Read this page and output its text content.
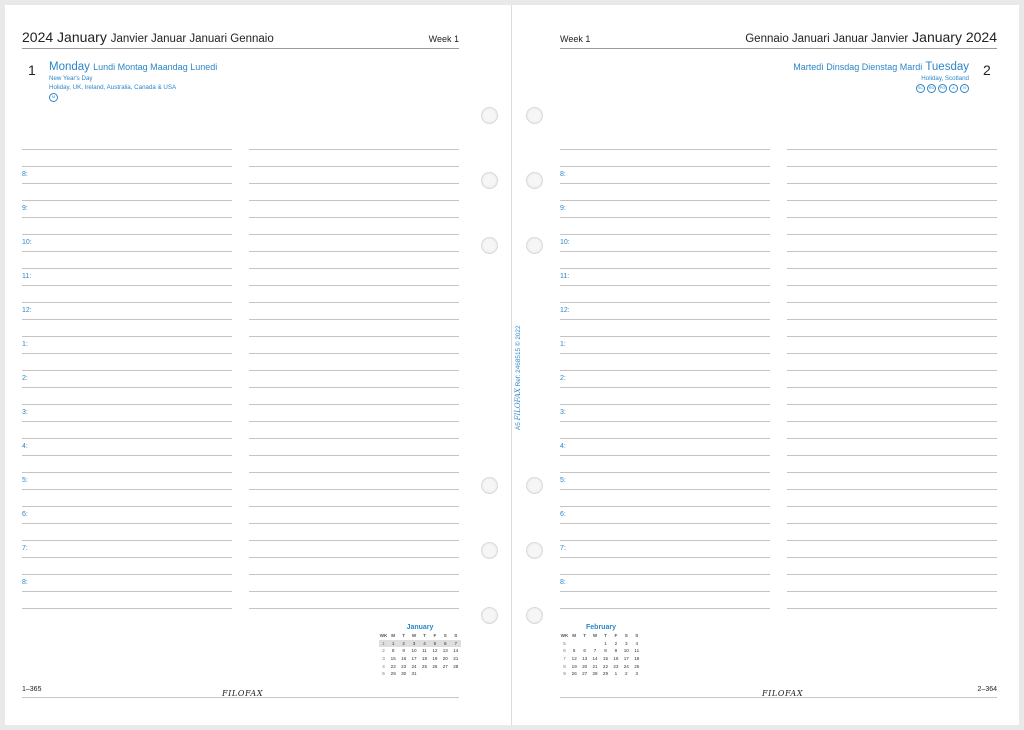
2024 January Janvier Januar Januari Gennaio	Week 1
1 Monday Lundi Montag Maandag Lunedi
New Year's Day
Holiday, UK, Ireland, Australia, Canada & USA
M
8:
9:
10:
11:
12:
1:
2:
3:
4:
5:
6:
7:
8:
January
WK	M	T	W	T	F	S	S
1	1	2	3	4	5	6	7
2	8	9	10	11	12	13	14
3	15	16	17	18	19	20	21
4	22	23	24	25	26	27	28
5	29	30	31				
1–365	FILOFAX
Week 1	Gennaio Januari Januar Janvier January 2024
2
Martedì Dinsdag Dienstag Mardi Tuesday
Holiday, Scotland
SC	RD	PO	A	N
8:
9:
10:
11:
12:
1:
2:
3:
4:
5:
6:
7:
8:
February
WK	M	T	W	T	F	S	S
5				1	2	3	4
6	5	6	7	8	9	10	11
7	12	13	14	15	16	17	18
8	19	20	21	22	23	24	25
9	26	27	28	29	1	2	3
FILOFAX	2–364
A5 FILOFAX Ref: 2468515 © 2022
